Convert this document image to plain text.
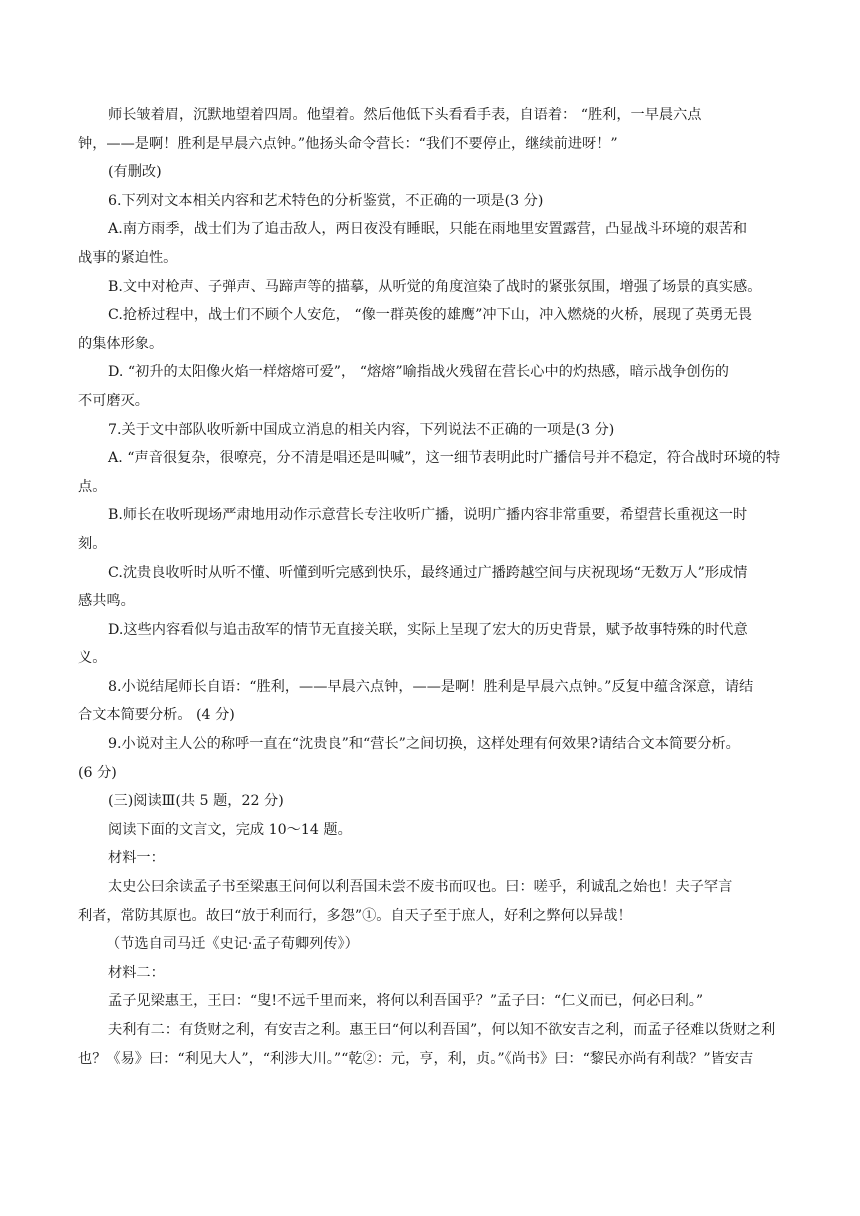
师长皱着眉，沉默地望着四周。他望着。然后他低下头看看手表，自语着： “胜利，一早晨六点

钟，——是啊！胜利是早晨六点钟。”他扬头命令营长：“我们不要停止，继续前进呀！”

(有删改)

6.下列对文本相关内容和艺术特色的分析鉴赏，不正确的一项是(3 分)

A.南方雨季，战士们为了追击敌人，两日夜没有睡眠，只能在雨地里安置露营，凸显战斗环境的艰苦和

战事的紧迫性。

B.文中对枪声、子弹声、马蹄声等的描摹，从听觉的角度渲染了战时的紧张氛围，增强了场景的真实感。

C.抢桥过程中，战士们不顾个人安危， “像一群英俊的雄鹰”冲下山，冲入燃烧的火桥，展现了英勇无畏

的集体形象。

D. “初升的太阳像火焰一样熔熔可爱”， “熔熔”喻指战火残留在营长心中的灼热感，暗示战争创伤的

不可磨灭。

7.关于文中部队收听新中国成立消息的相关内容，下列说法不正确的一项是(3 分)

A. “声音很复杂，很嘹亮，分不清是唱还是叫喊”，这一细节表明此时广播信号并不稳定，符合战时环境的特

点。

B.师长在收听现场严肃地用动作示意营长专注收听广播，说明广播内容非常重要，希望营长重视这一时

刻。

C.沈贵良收听时从听不懂、听懂到听完感到快乐，最终通过广播跨越空间与庆祝现场“无数万人”形成情

感共鸣。

D.这些内容看似与追击敌军的情节无直接关联，实际上呈现了宏大的历史背景，赋予故事特殊的时代意

义。

8.小说结尾师长自语：“胜利，——早晨六点钟，——是啊！胜利是早晨六点钟。”反复中蕴含深意，请结

合文本简要分析。 (4 分)

9.小说对主人公的称呼一直在“沈贵良”和“营长”之间切换，这样处理有何效果?请结合文本简要分析。

(6 分)

(三)阅读Ⅲ(共 5 题，22 分)

阅读下面的文言文，完成 10～14 题。

材料一：

太史公曰余读孟子书至梁惠王问何以利吾国未尝不废书而叹也。曰：嗟乎，利诚乱之始也！夫子罕言

利者，常防其原也。故曰“放于利而行，多怨”①。自天子至于庶人，好利之弊何以异哉！

（节选自司马迁《史记·孟子荀卿列传》）

材料二：

孟子见梁惠王，王曰：“叟!不远千里而来，将何以利吾国乎？”孟子曰：“仁义而已，何必曰利。”

夫利有二：有货财之利，有安吉之利。惠王曰“何以利吾国”，何以知不欲安吉之利，而孟子径难以货财之利

也？《易》曰：“利见大人”，“利涉大川。”“乾②：元，亨，利，贞。”《尚书》曰：“黎民亦尚有利哉？”皆安吉
